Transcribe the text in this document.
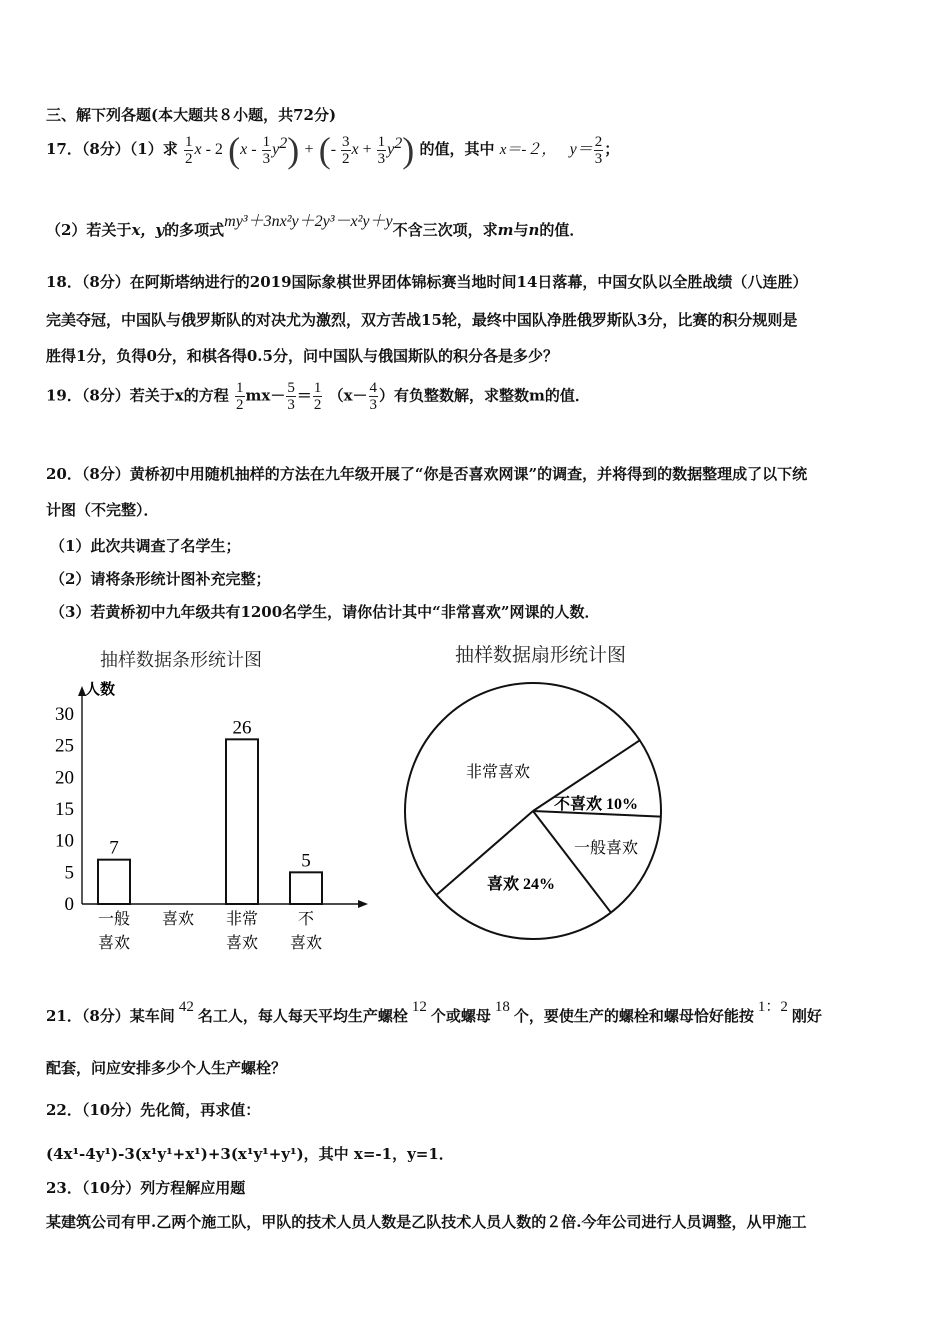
三、解下列各题(本大题共８小题，共72分)
17．（8分）（1）求 $\frac{1}{2}$ x - 2 $(x - \frac{1}{3} y^2)$ + (- $\frac{3}{2}$ $x + \frac{1}{3} y^2$) 的值，其中 x＝-２， $y= \frac{2}{3}$ ；
（2）若关于x，y的多项式my³＋3nx²y＋2y³－x²y＋y不含三次项，求m与n的值．
18．（8分）在阿斯塔纳进行的2019国际象棋世界团体锦标赛当地时间14日落幕，中国女队以全胜战绩（八连胜）
完美夺冠，中国队与俄罗斯队的对决尤为激烈，双方苦战15轮，最终中国队净胜俄罗斯队3分，比赛的积分规则是
胜得1分，负得0分，和棋各得0.5分，问中国队与俄国斯队的积分各是多少？
19．（8分）若关于x的方程 $\frac{1}{2} mx- \frac{5}{3} = \frac{1}{2} (x- \frac{4}{3}$ ）有负整数解，求整数m的值．
20．（8分）黄桥初中用随机抽样的方法在九年级开展了“你是否喜欢网课”的调查，并将得到的数据整理成了以下统
计图（不完整）．
（1）此次共调查了名学生；
（2）请将条形统计图补充完整；
（3）若黄桥初中九年级共有1200名学生，请你估计其中“非常喜欢”网课的人数．
抽样数据条形统计图
人数
0
5
10
15
20
25
30
7
一般
喜欢
喜欢
26
非常
喜欢
5
不
喜欢
抽样数据扇形统计图
非常喜欢
不喜欢 10%
一般喜欢
喜欢 24%
21．（8分）某车间 42 名工人，每人每天平均生产螺栓 12 个或螺母 18 个，要使生产的螺栓和螺母恰好能按 1：2 刚好
配套，问应安排多少个人生产螺栓？
22．（10分）先化简，再求值：
(4x¹-4y¹)-3(x¹y¹+x¹)+3(x¹y¹+y¹)，其中 x=-1，y=1．
23．（10分）列方程解应用题
某建筑公司有甲.乙两个施工队，甲队的技术人员人数是乙队技术人员人数的２倍.今年公司进行人员调整，从甲施工
